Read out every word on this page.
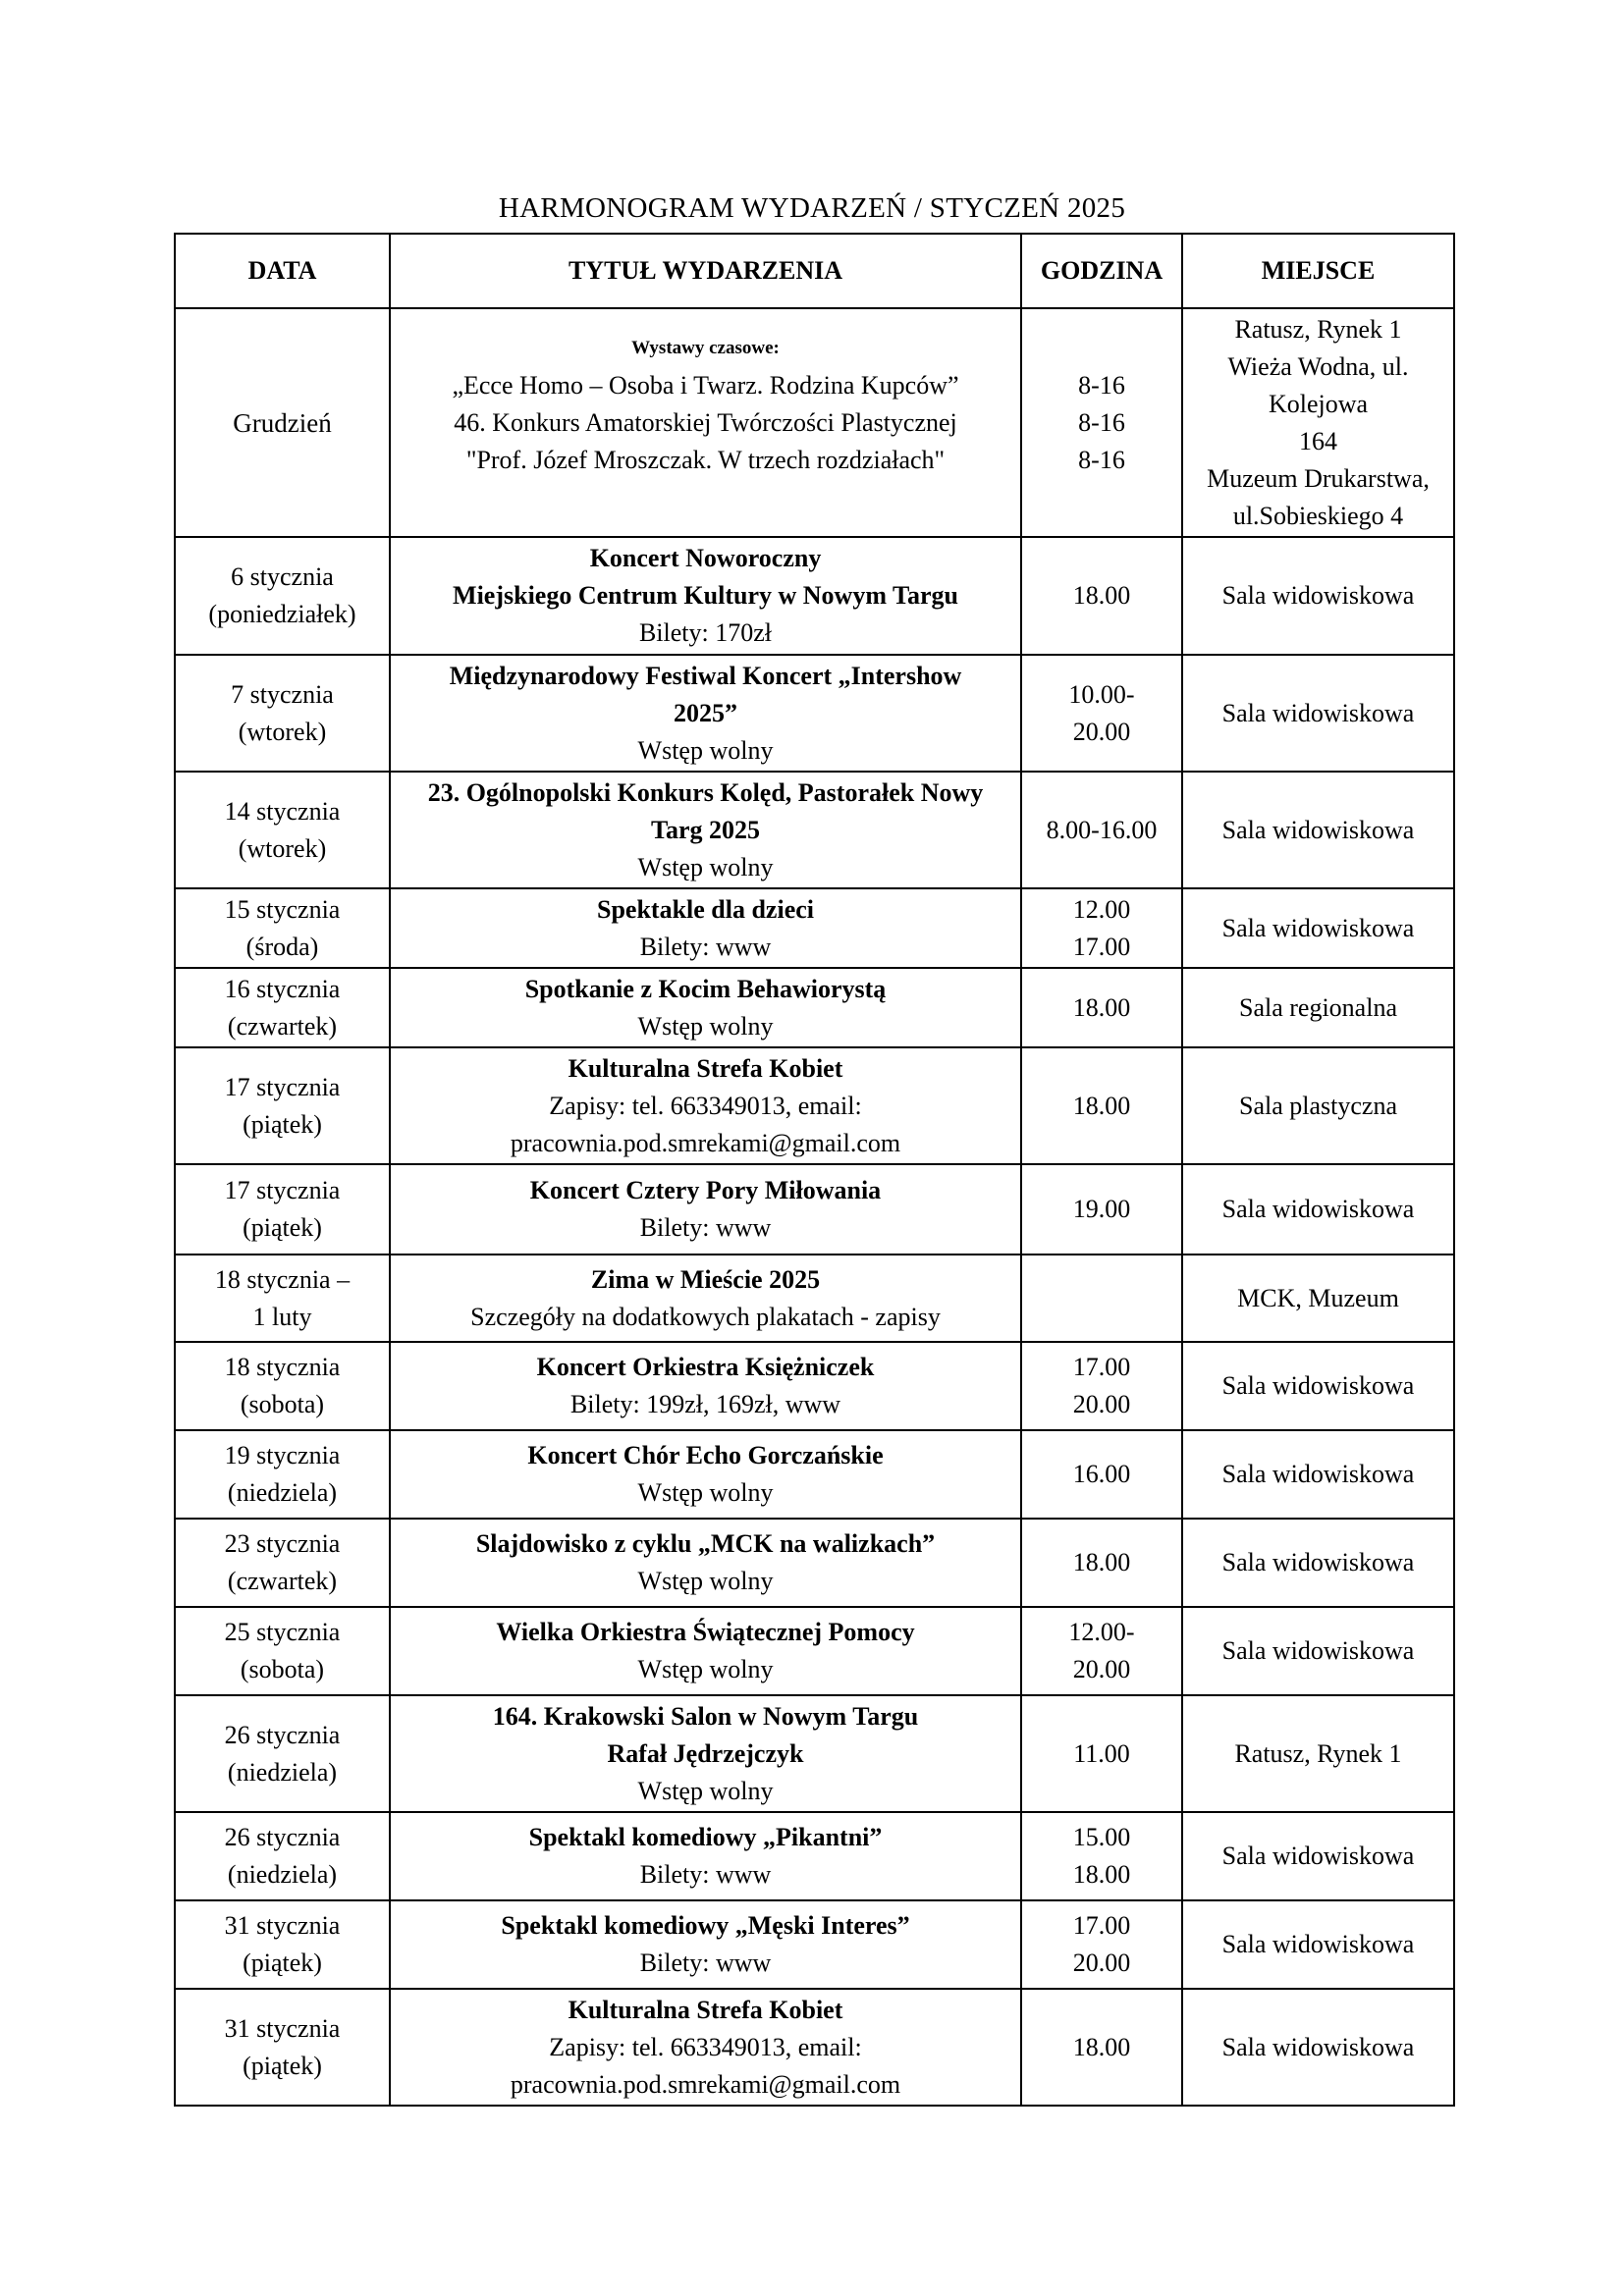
HARMONOGRAM WYDARZEŃ / STYCZEŃ 2025
DATA	TYTUŁ WYDARZENIA	GODZINA	MIEJSCE
Grudzień	Wystawy czasowe:
„Ecce Homo – Osoba i Twarz. Rodzina Kupców”
46. Konkurs Amatorskiej Twórczości Plastycznej
"Prof. Józef Mroszczak. W trzech rozdziałach"	8-16
8-16
8-16	Ratusz, Rynek 1
Wieża Wodna, ul. Kolejowa
164
Muzeum Drukarstwa,
ul.Sobieskiego 4

6 stycznia
(poniedziałek)	Koncert Noworoczny
Miejskiego Centrum Kultury w Nowym Targu
Bilety: 170zł	18.00	Sala widowiskowa

7 stycznia
(wtorek)	Międzynarodowy Festiwal Koncert „Intershow
2025”
Wstęp wolny	10.00-
20.00	Sala widowiskowa

14 stycznia
(wtorek)	23. Ogólnopolski Konkurs Kolęd, Pastorałek Nowy
Targ 2025
Wstęp wolny	8.00-16.00	Sala widowiskowa

15 stycznia
(środa)	Spektakle dla dzieci
Bilety: www	12.00
17.00	Sala widowiskowa

16 stycznia
(czwartek)	Spotkanie z Kocim Behawiorystą
Wstęp wolny	18.00	Sala regionalna

17 stycznia
(piątek)	Kulturalna Strefa Kobiet
Zapisy: tel. 663349013, email:
pracownia.pod.smrekami@gmail.com	18.00	Sala plastyczna

17 stycznia
(piątek)	Koncert Cztery Pory Miłowania
Bilety: www	19.00	Sala widowiskowa

18 stycznia –
1 luty	Zima w Mieście 2025
Szczegóły na dodatkowych plakatach - zapisy		MCK, Muzeum

18 stycznia
(sobota)	Koncert Orkiestra Księżniczek
Bilety: 199zł, 169zł, www	17.00
20.00	Sala widowiskowa

19 stycznia
(niedziela)	Koncert Chór Echo Gorczańskie
Wstęp wolny	16.00	Sala widowiskowa

23 stycznia
(czwartek)	Slajdowisko z cyklu „MCK na walizkach”
Wstęp wolny	18.00	Sala widowiskowa

25 stycznia
(sobota)	Wielka Orkiestra Świątecznej Pomocy
Wstęp wolny	12.00-
20.00	Sala widowiskowa

26 stycznia
(niedziela)	164. Krakowski Salon w Nowym Targu
Rafał Jędrzejczyk
Wstęp wolny	11.00	Ratusz, Rynek 1

26 stycznia
(niedziela)	Spektakl komediowy „Pikantni”
Bilety: www	15.00
18.00	Sala widowiskowa

31 stycznia
(piątek)	Spektakl komediowy „Męski Interes”
Bilety: www	17.00
20.00	Sala widowiskowa

31 stycznia
(piątek)	Kulturalna Strefa Kobiet
Zapisy: tel. 663349013, email:
pracownia.pod.smrekami@gmail.com	18.00	Sala widowiskowa
